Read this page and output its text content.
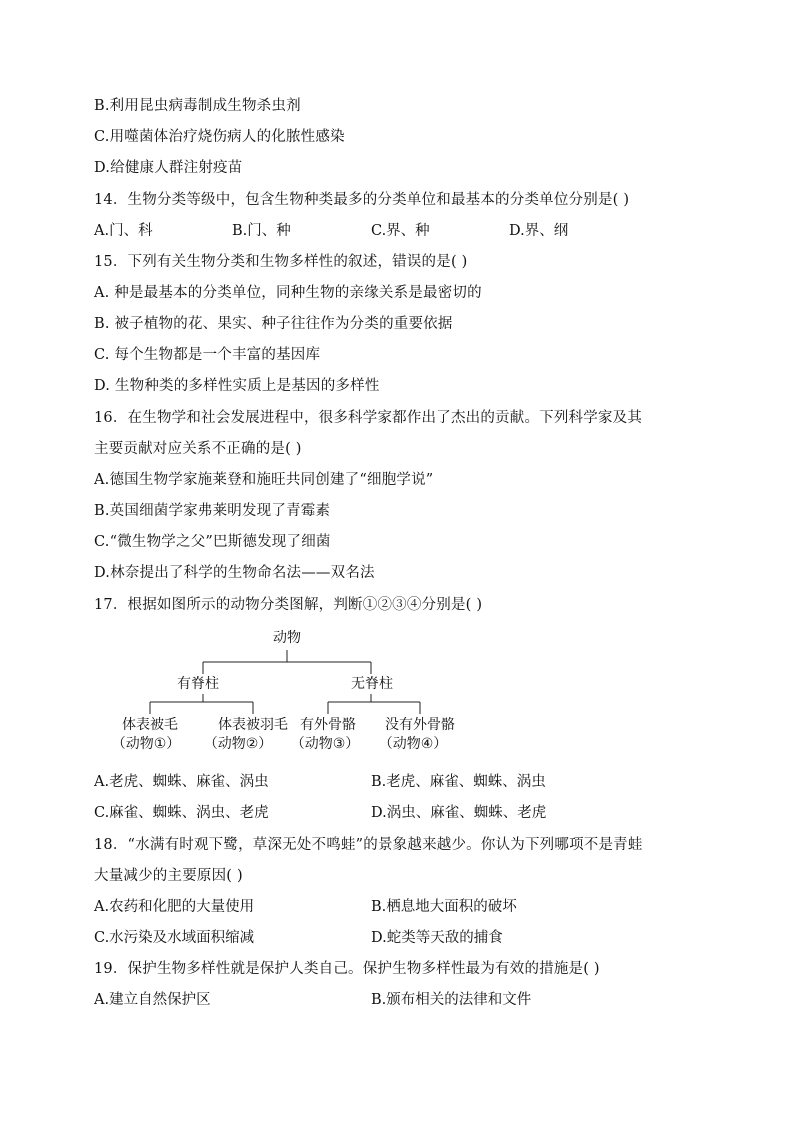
B.利用昆虫病毒制成生物杀虫剂
C.用噬菌体治疗烧伤病人的化脓性感染
D.给健康人群注射疫苗
14．生物分类等级中，包含生物种类最多的分类单位和最基本的分类单位分别是( )
A.门、科	B.门、种	C.界、种	D.界、纲
15．下列有关生物分类和生物多样性的叙述，错误的是( )
A. 种是最基本的分类单位，同种生物的亲缘关系是最密切的
B. 被子植物的花、果实、种子往往作为分类的重要依据
C. 每个生物都是一个丰富的基因库
D. 生物种类的多样性实质上是基因的多样性
16．在生物学和社会发展进程中，很多科学家都作出了杰出的贡献。下列科学家及其
主要贡献对应关系不正确的是( )
A.德国生物学家施莱登和施旺共同创建了“细胞学说”
B.英国细菌学家弗莱明发现了青霉素
C.“微生物学之父”巴斯德发现了细菌
D.林奈提出了科学的生物命名法——双名法
17．根据如图所示的动物分类图解，判断①②③④分别是( )
动物
有脊柱	无脊柱
体表被毛	体表被羽毛 有外骨骼 没有外骨骼
（动物①） （动物②） （动物③） （动物④）
A.老虎、蜘蛛、麻雀、涡虫	B.老虎、麻雀、蜘蛛、涡虫
C.麻雀、蜘蛛、涡虫、老虎	D.涡虫、麻雀、蜘蛛、老虎
18．“水满有时观下鹭，草深无处不鸣蛙”的景象越来越少。你认为下列哪项不是青蛙
大量减少的主要原因( )
A.农药和化肥的大量使用	B.栖息地大面积的破坏
C.水污染及水域面积缩减	D.蛇类等天敌的捕食
19．保护生物多样性就是保护人类自己。保护生物多样性最为有效的措施是( )
A.建立自然保护区	B.颁布相关的法律和文件
